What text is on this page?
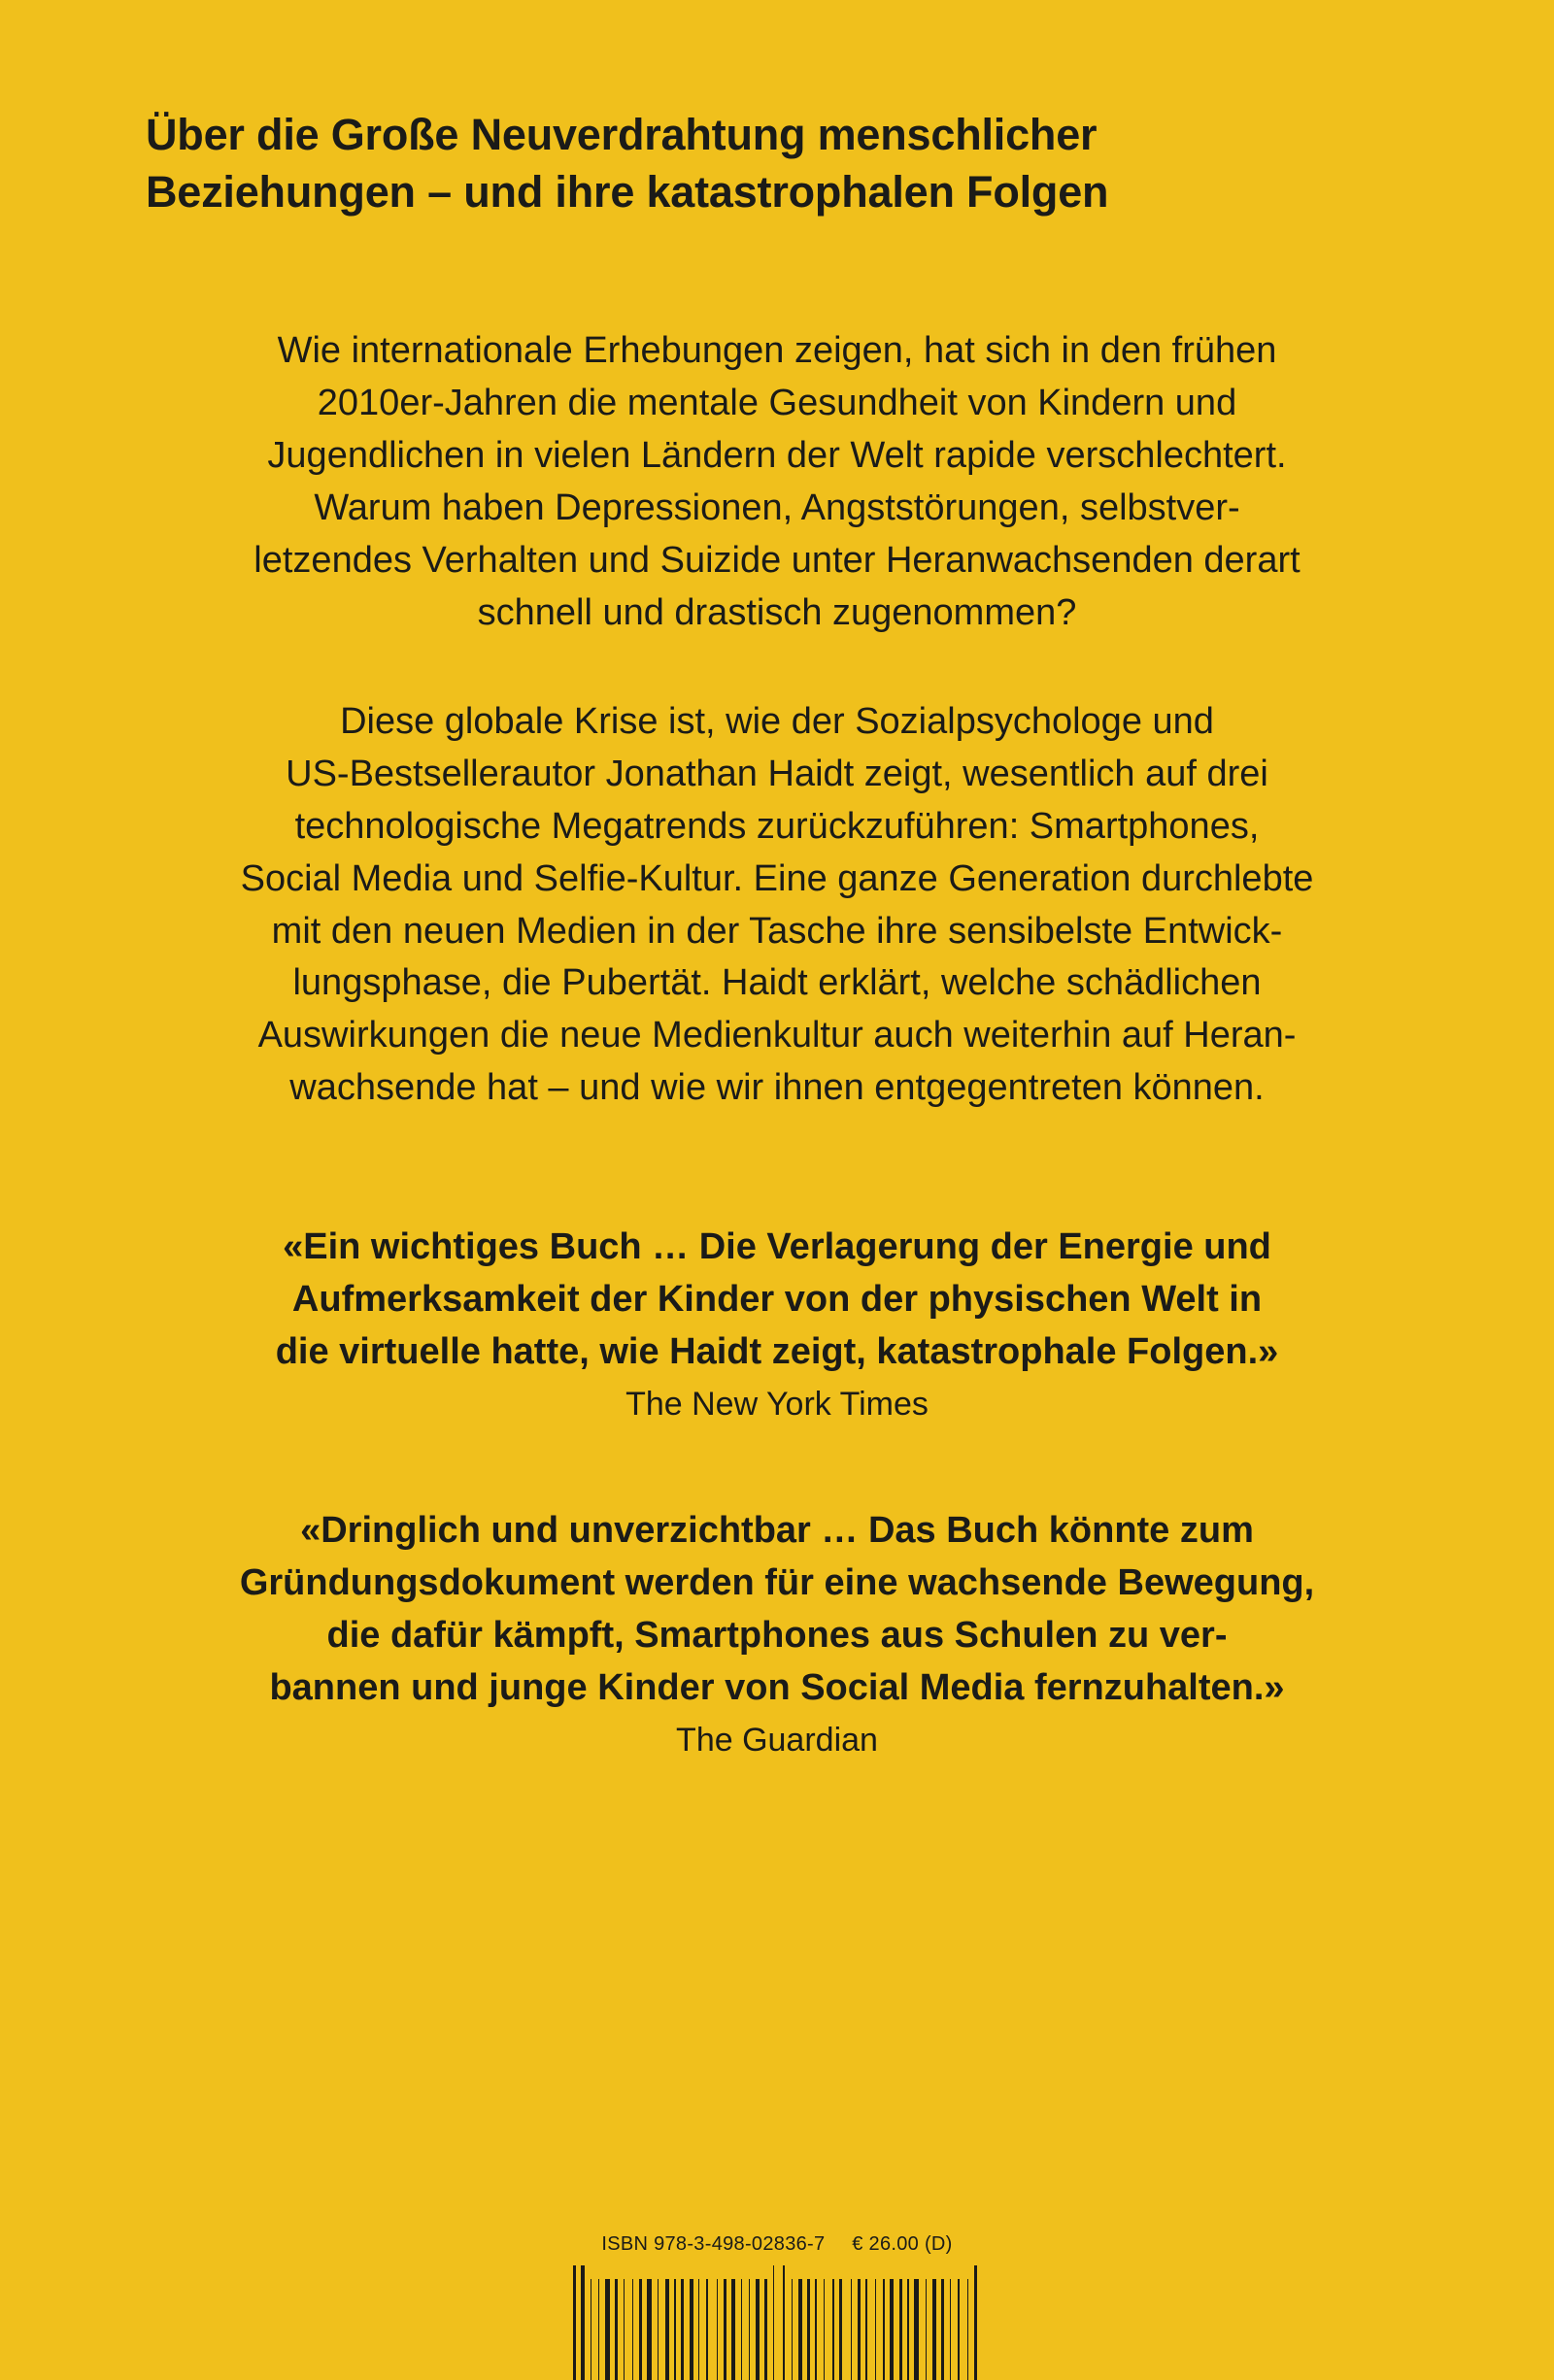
Über die Große Neuverdrahtung menschlicher
Beziehungen – und ihre katastrophalen Folgen
Wie internationale Erhebungen zeigen, hat sich in den frühen
2010er-Jahren die mentale Gesundheit von Kindern und
Jugendlichen in vielen Ländern der Welt rapide verschlechtert.
Warum haben Depressionen, Angststörungen, selbstver-
letzendes Verhalten und Suizide unter Heranwachsenden derart
schnell und drastisch zugenommen?
Diese globale Krise ist, wie der Sozialpsychologe und
US-Bestsellerautor Jonathan Haidt zeigt, wesentlich auf drei
technologische Megatrends zurückzuführen: Smartphones,
Social Media und Selfie-Kultur. Eine ganze Generation durchlebte
mit den neuen Medien in der Tasche ihre sensibelste Entwick-
lungsphase, die Pubertät. Haidt erklärt, welche schädlichen
Auswirkungen die neue Medienkultur auch weiterhin auf Heran-
wachsende hat – und wie wir ihnen entgegentreten können.
«Ein wichtiges Buch … Die Verlagerung der Energie und
Aufmerksamkeit der Kinder von der physischen Welt in
die virtuelle hatte, wie Haidt zeigt, katastrophale Folgen.»
The New York Times
«Dringlich und unverzichtbar … Das Buch könnte zum
Gründungsdokument werden für eine wachsende Bewegung,
die dafür kämpft, Smartphones aus Schulen zu ver-
bannen und junge Kinder von Social Media fernzuhalten.»
The Guardian
ISBN 978-3-498-02836-7 € 26.00 (D)
